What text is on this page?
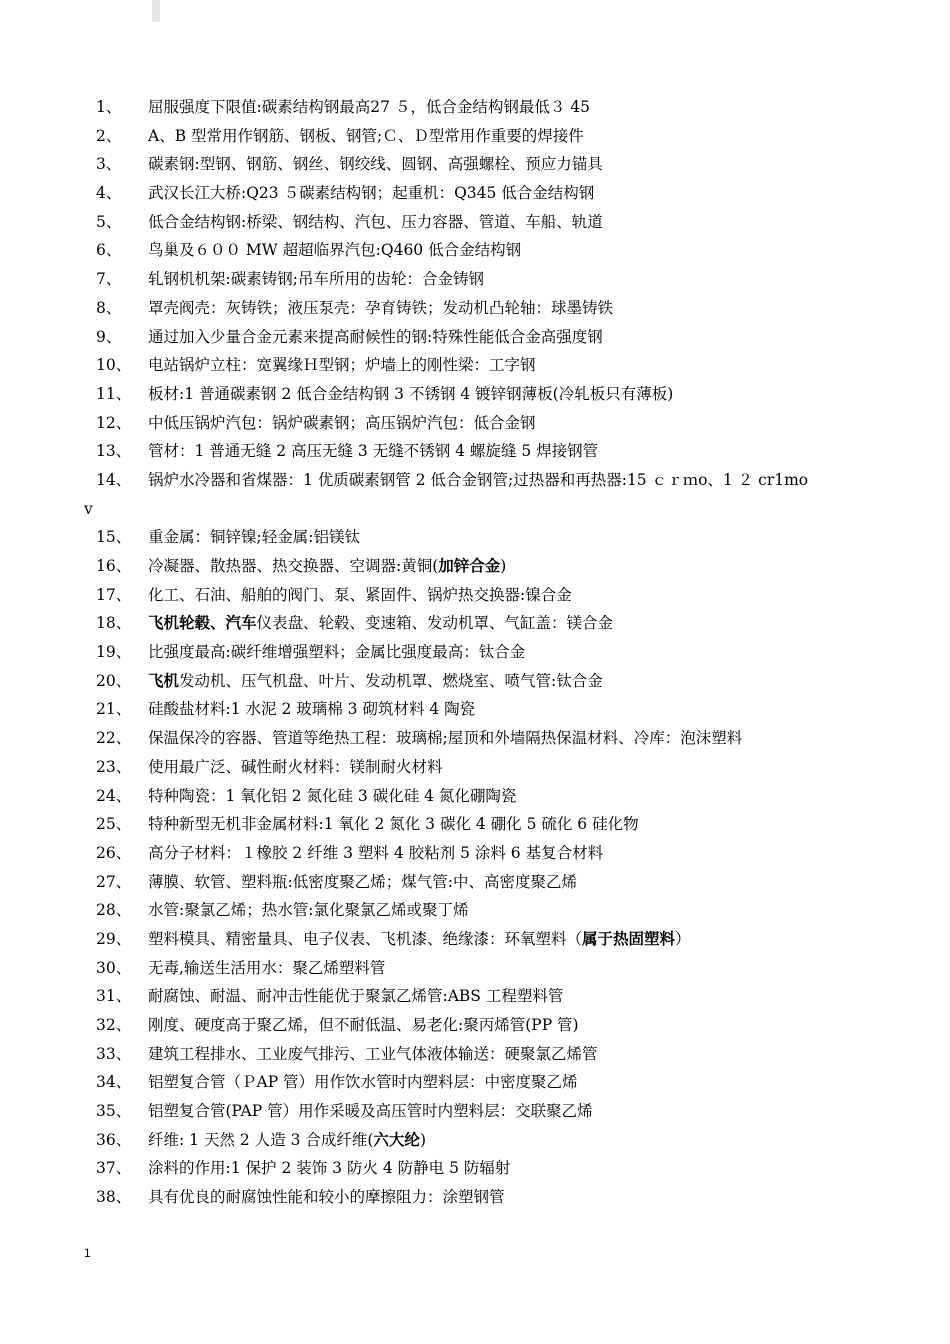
1、	屈服强度下限值:碳素结构钢最高27 ５，低合金结构钢最低３ 45
2、	A、B 型常用作钢筋、钢板、钢管;Ｃ、Ｄ型常用作重要的焊接件
3、	碳素钢:型钢、钢筋、钢丝、钢绞线、圆钢、高强螺栓、预应力锚具
4、	武汉长江大桥:Q23 ５碳素结构钢；起重机：Q345 低合金结构钢
5、	低合金结构钢:桥梁、钢结构、汽包、压力容器、管道、车船、轨道
6、	鸟巢及６００ MW 超超临界汽包:Q460 低合金结构钢
7、	轧钢机机架:碳素铸钢;吊车所用的齿轮：合金铸钢
8、	罩壳阀壳：灰铸铁；液压泵壳：孕育铸铁；发动机凸轮轴：球墨铸铁
9、	通过加入少量合金元素来提高耐候性的钢:特殊性能低合金高强度钢
10、	电站锅炉立柱：宽翼缘Ｈ型钢；炉墙上的刚性梁：工字钢
11、	板材:1 普通碳素钢 2 低合金结构钢 3 不锈钢 4 镀锌钢薄板(冷轧板只有薄板)
12、	中低压锅炉汽包：锅炉碳素钢；高压锅炉汽包：低合金钢
13、	管材：1 普通无缝 2 高压无缝 3 无缝不锈钢 4 螺旋缝 5 焊接钢管
14、	锅炉水冷器和省煤器：1 优质碳素钢管 2 低合金钢管;过热器和再热器:15 ｃｒｍo、1 ２ cr1mo
v
15、	重金属：铜锌镍;轻金属:铝镁钛
16、	冷凝器、散热器、热交换器、空调器:黄铜(加锌合金)
17、	化工、石油、船舶的阀门、泵、紧固件、锅炉热交换器:镍合金
18、	飞机轮毂、汽车仪表盘、轮毂、变速箱、发动机罩、气缸盖：镁合金
19、	比强度最高:碳纤维增强塑料；金属比强度最高：钛合金
20、	飞机发动机、压气机盘、叶片、发动机罩、燃烧室、喷气管:钛合金
21、	硅酸盐材料:1 水泥 2 玻璃棉 3 砌筑材料 4 陶瓷
22、	保温保冷的容器、管道等绝热工程：玻璃棉;屋顶和外墙隔热保温材料、冷库：泡沫塑料
23、	使用最广泛、碱性耐火材料：镁制耐火材料
24、	特种陶瓷：1 氧化铝 2 氮化硅 3 碳化硅 4 氮化硼陶瓷
25、	特种新型无机非金属材料:1 氧化 2 氮化 3 碳化 4 硼化 5 硫化 6 硅化物
26、	高分子材料：１橡胶 2 纤维 3 塑料 4 胶粘剂 5 涂料 6 基复合材料
27、	薄膜、软管、塑料瓶:低密度聚乙烯；煤气管:中、高密度聚乙烯
28、	水管:聚氯乙烯；热水管:氯化聚氯乙烯或聚丁烯
29、	塑料模具、精密量具、电子仪表、飞机漆、绝缘漆：环氧塑料（属于热固塑料）
30、	无毒,输送生活用水：聚乙烯塑料管
31、	耐腐蚀、耐温、耐冲击性能优于聚氯乙烯管:ABS 工程塑料管
32、	刚度、硬度高于聚乙烯，但不耐低温、易老化:聚丙烯管(PP 管)
33、	建筑工程排水、工业废气排污、工业气体液体输送：硬聚氯乙烯管
34、	铝塑复合管（ＰAP 管）用作饮水管时内塑料层：中密度聚乙烯
35、	铝塑复合管(PAP 管）用作采暖及高压管时内塑料层：交联聚乙烯
36、	纤维: 1 天然 2 人造 3 合成纤维(六大纶)
37、	涂料的作用:1 保护 2 装饰 3 防火 4 防静电 5 防辐射
38、	具有优良的耐腐蚀性能和较小的摩擦阻力：涂塑钢管
1
